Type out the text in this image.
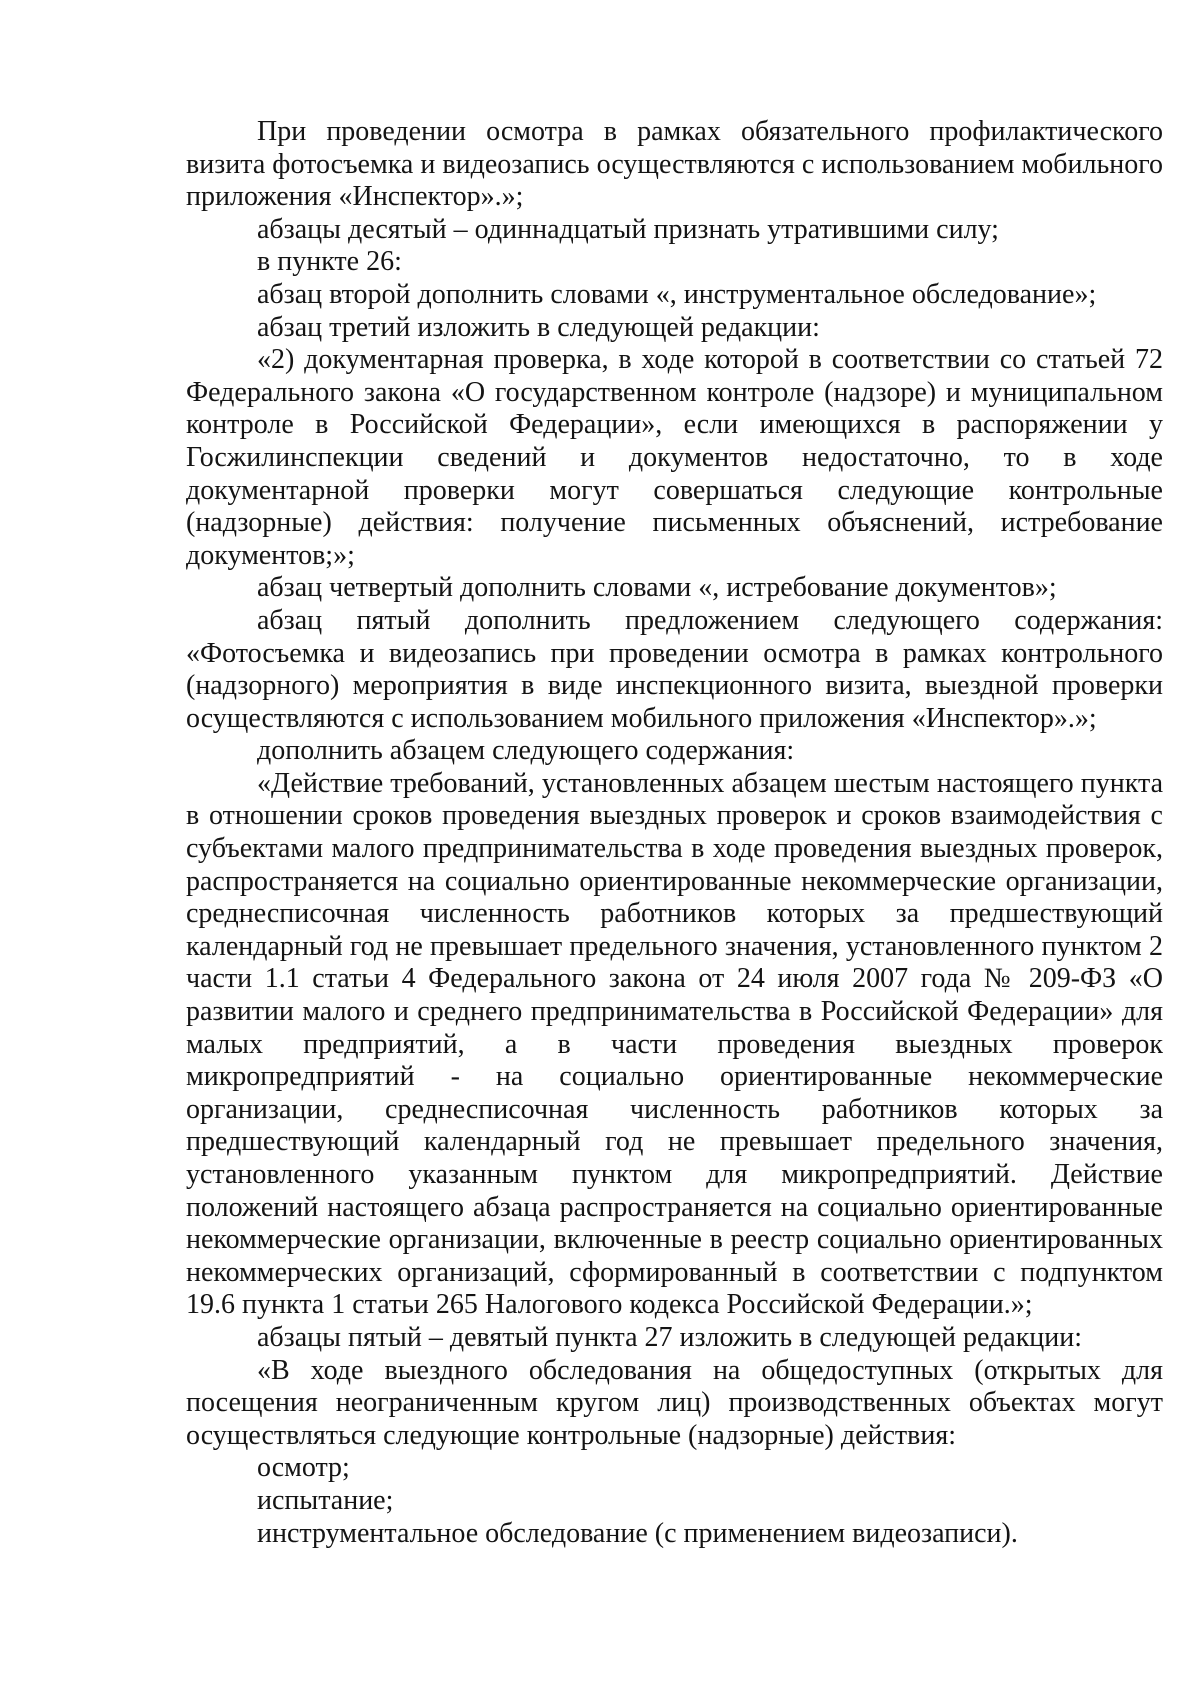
При проведении осмотра в рамках обязательного профилактического визита фотосъемка и видеозапись осуществляются с использованием мобильного приложения «Инспектор».»;

абзацы десятый – одиннадцатый признать утратившими силу;

в пункте 26:

абзац второй дополнить словами «, инструментальное обследование»;

абзац третий изложить в следующей редакции:

«2) документарная проверка, в ходе которой в соответствии со статьей 72 Федерального закона «О государственном контроле (надзоре) и муниципальном контроле в Российской Федерации», если имеющихся в распоряжении у Госжилинспекции сведений и документов недостаточно, то в ходе документарной проверки могут совершаться следующие контрольные (надзорные) действия: получение письменных объяснений, истребование документов;»;

абзац четвертый дополнить словами «, истребование документов»;

абзац пятый дополнить предложением следующего содержания: «Фотосъемка и видеозапись при проведении осмотра в рамках контрольного (надзорного) мероприятия в виде инспекционного визита, выездной проверки осуществляются с использованием мобильного приложения «Инспектор».»;

дополнить абзацем следующего содержания:

«Действие требований, установленных абзацем шестым настоящего пункта в отношении сроков проведения выездных проверок и сроков взаимодействия с субъектами малого предпринимательства в ходе проведения выездных проверок, распространяется на социально ориентированные некоммерческие организации, среднесписочная численность работников которых за предшествующий календарный год не превышает предельного значения, установленного пунктом 2 части 1.1 статьи 4 Федерального закона от 24 июля 2007 года № 209-ФЗ «О развитии малого и среднего предпринимательства в Российской Федерации» для малых предприятий, а в части проведения выездных проверок микропредприятий - на социально ориентированные некоммерческие организации, среднесписочная численность работников которых за предшествующий календарный год не превышает предельного значения, установленного указанным пунктом для микропредприятий. Действие положений настоящего абзаца распространяется на социально ориентированные некоммерческие организации, включенные в реестр социально ориентированных некоммерческих организаций, сформированный в соответствии с подпунктом 19.6 пункта 1 статьи 265 Налогового кодекса Российской Федерации.»;

абзацы пятый – девятый пункта 27 изложить в следующей редакции:

«В ходе выездного обследования на общедоступных (открытых для посещения неограниченным кругом лиц) производственных объектах могут осуществляться следующие контрольные (надзорные) действия:

осмотр;

испытание;

инструментальное обследование (с применением видеозаписи).
